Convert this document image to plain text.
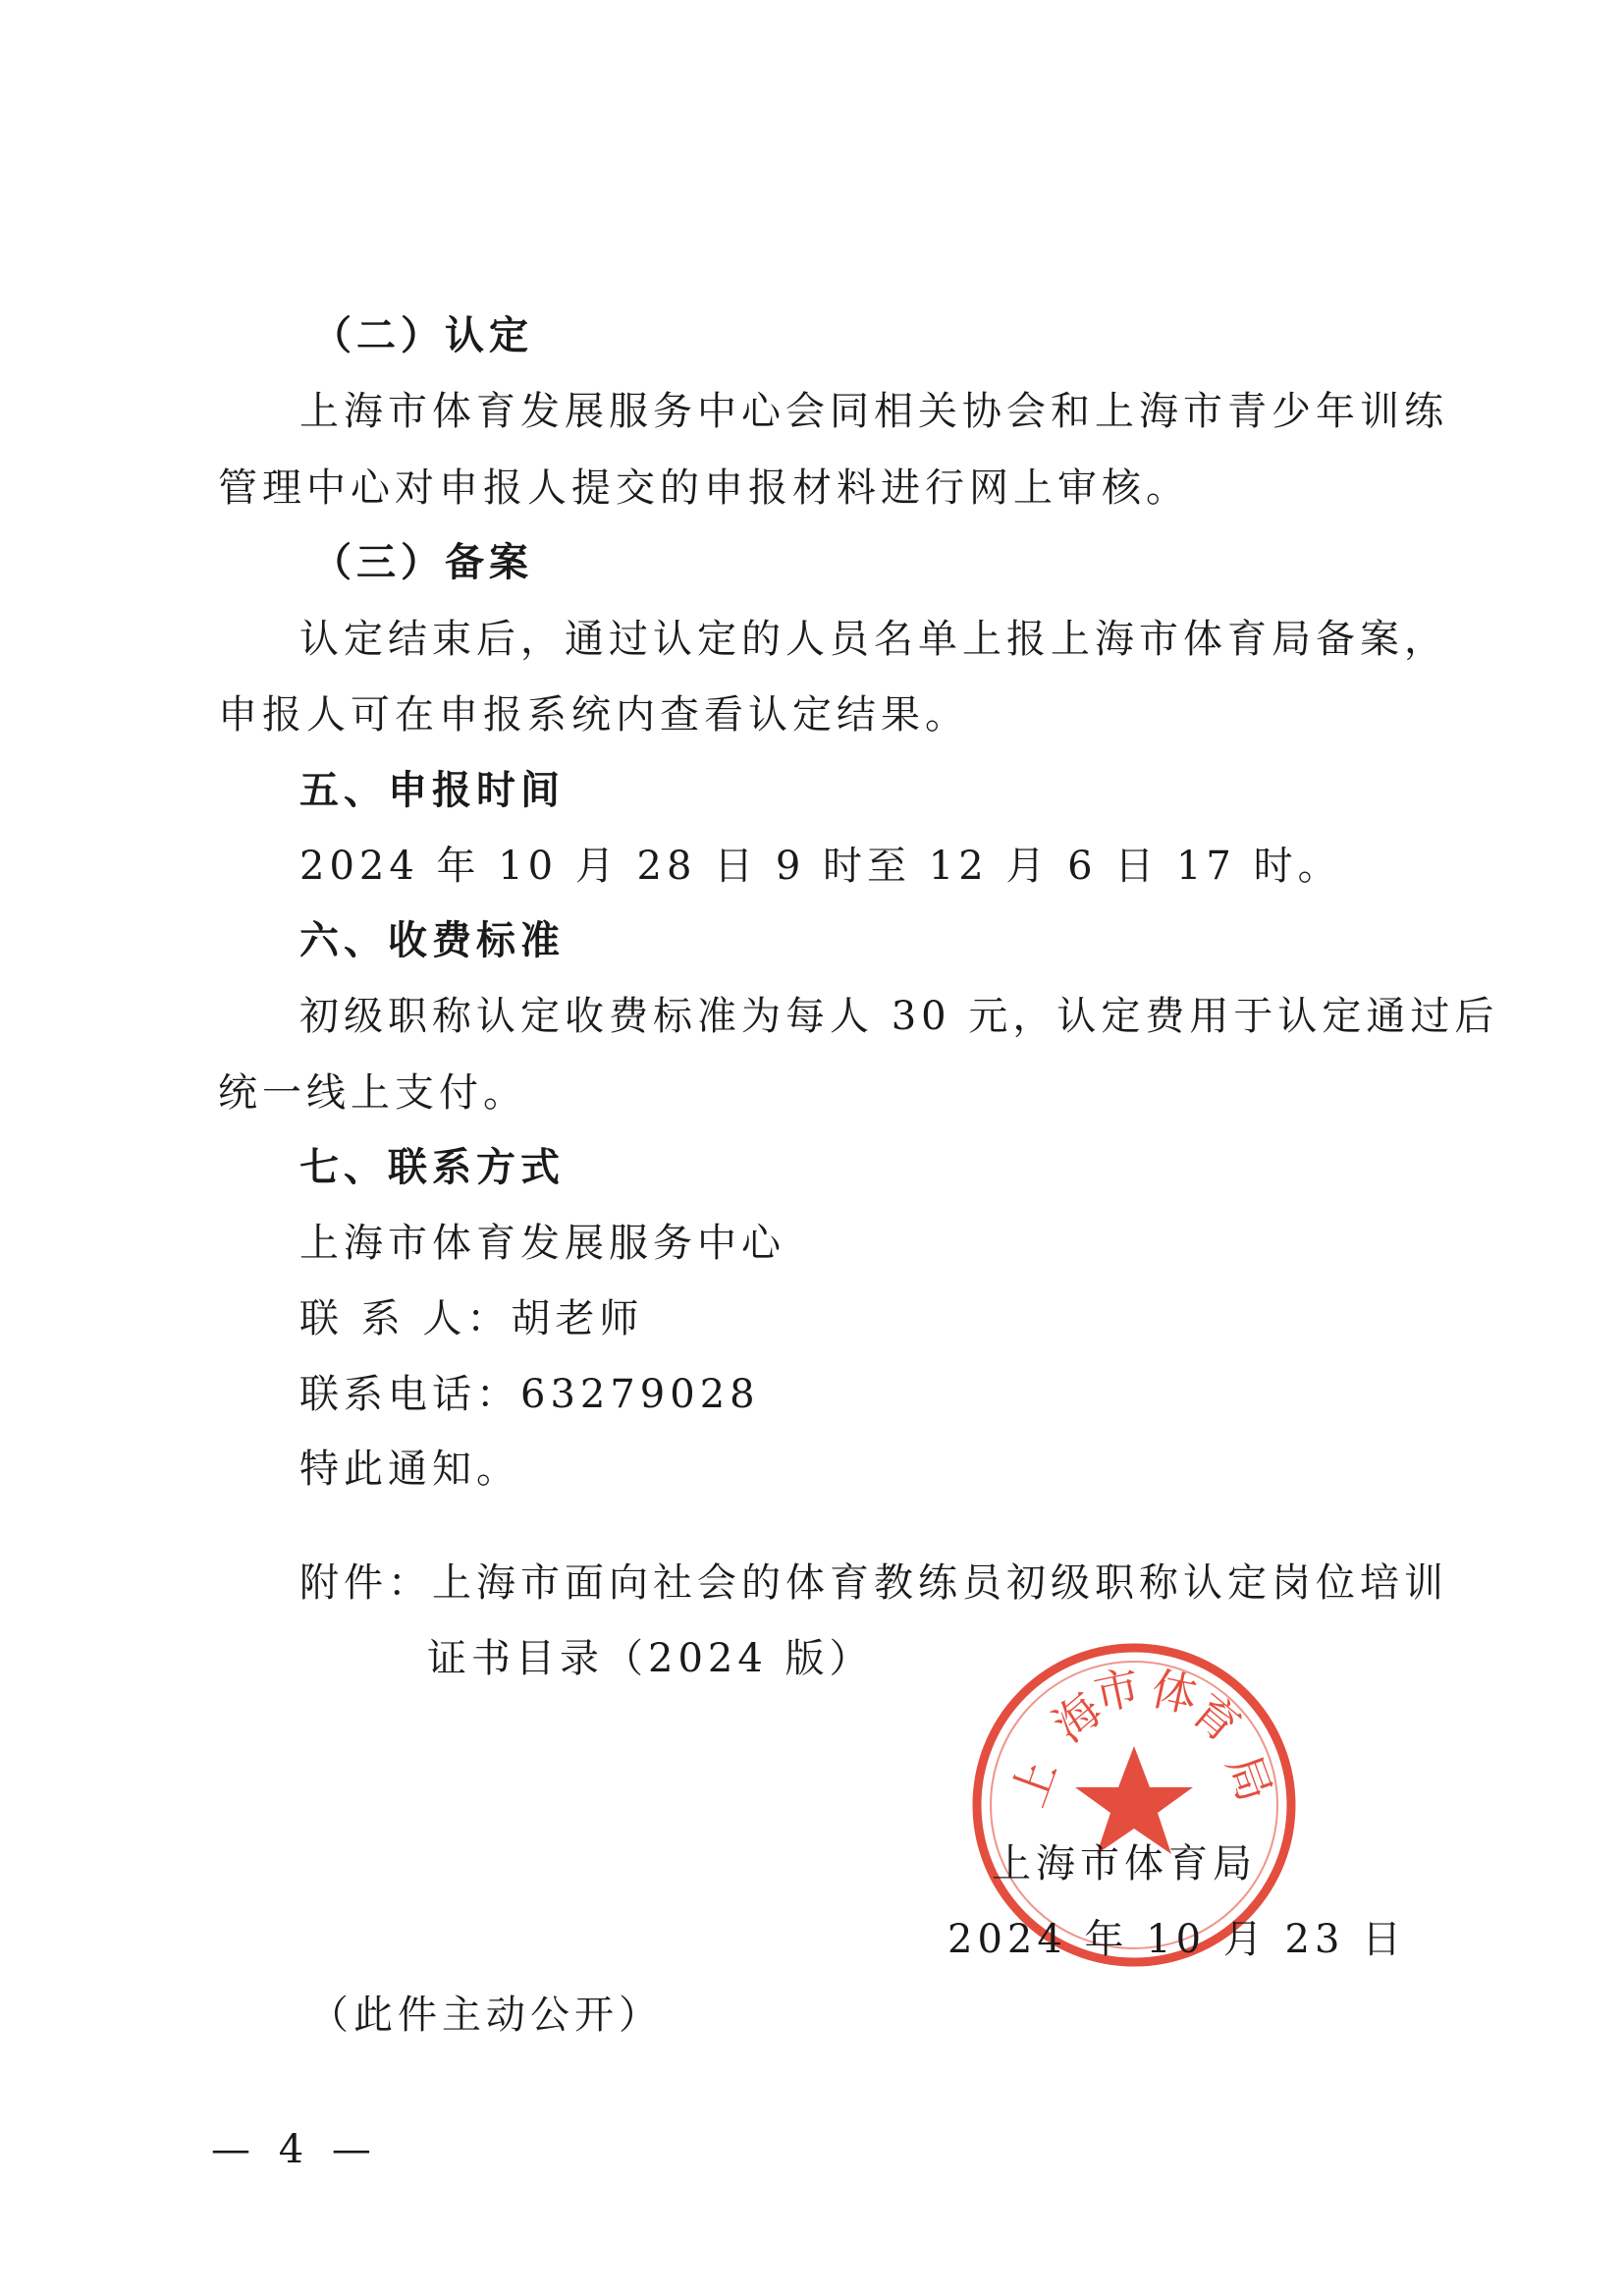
（二）认定
上海市体育发展服务中心会同相关协会和上海市青少年训练
管理中心对申报人提交的申报材料进行网上审核。
（三）备案
认定结束后，通过认定的人员名单上报上海市体育局备案，
申报人可在申报系统内查看认定结果。
五、申报时间
2024 年 10 月 28 日 9 时至 12 月 6 日 17 时。
六、收费标准
初级职称认定收费标准为每人 30 元，认定费用于认定通过后
统一线上支付。
七、联系方式
上海市体育发展服务中心
联 系 人：胡老师
联系电话：63279028
特此通知。
附件：上海市面向社会的体育教练员初级职称认定岗位培训
证书目录（2024 版）
上
海
市 体
育
局
上海市体育局
2024 年 10 月 23 日
（此件主动公开）
— 4 —
